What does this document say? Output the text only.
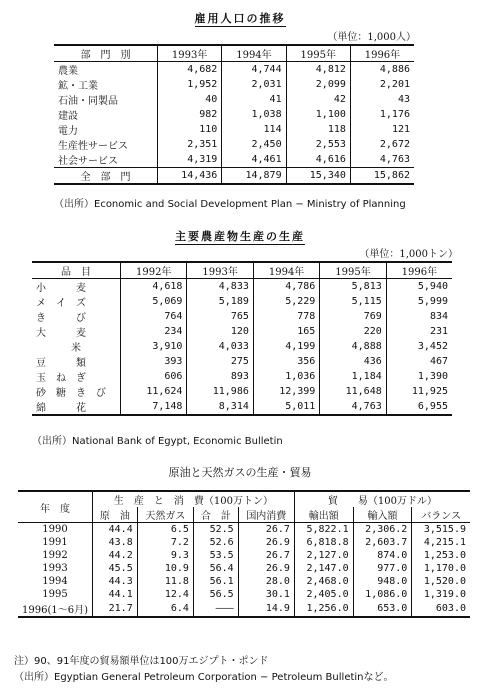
雇用人口の推移
（単位：1,000人）
部　門　別	1993年	1994年	1995年	1996年
農業	4,682	4,744	4,812	4,886
鉱・工業	1,952	2,031	2,099	2,201
石油・同製品	40	41	42	43
建設	982	1,038	1,100	1,176
電力	110	114	118	121
生産性サービス	2,351	2,450	2,553	2,672
社会サービス	4,319	4,461	4,616	4,763
全　部　門	14,436	14,879	15,340	15,862
（出所）Economic and Social Development Plan − Ministry of Planning
主要農産物生産の生産
（単位：1,000トン）
品　目	1992年	1993年	1994年	1995年	1996年
小　　　麦	4,618	4,833	4,786	5,813	5,940
メ　イ　ズ	5,069	5,189	5,229	5,115	5,999
き　　　び	764	765	778	769	834
大　　　麦	234	120	165	220	231
米	3,910	4,033	4,199	4,888	3,452
豆　　　類	393	275	356	436	467
玉　ね　ぎ	606	893	1,036	1,184	1,390
砂　糖　き　び	11,624	11,986	12,399	11,648	11,925
綿　　　花	7,148	8,314	5,011	4,763	6,955
（出所）National Bank of Egypt, Economic Bulletin
原油と天然ガスの生産・貿易
年　度	生　産　と　消　費（100万トン）				貿　　易（100万ドル）		
	原　油	天然ガス	合　計	国内消費	輸出額	輸入額	バランス
1990	44.4	6.5	52.5	26.7	5,822.1	2,306.2	3,515.9
1991	43.8	7.2	52.6	26.9	6,818.8	2,603.7	4,215.1
1992	44.2	9.3	53.5	26.7	2,127.0	874.0	1,253.0
1993	45.5	10.9	56.4	26.9	2,147.0	977.0	1,170.0
1994	44.3	11.8	56.1	28.0	2,468.0	948.0	1,520.0
1995	44.1	12.4	56.5	30.1	2,405.0	1,086.0	1,319.0
1996(1〜6月)	21.7	6.4	———	14.9	1,256.0	653.0	603.0
注）90、91年度の貿易額単位は100万エジプト・ポンド
（出所）Egyptian General Petroleum Corporation − Petroleum Bulletinなど。
